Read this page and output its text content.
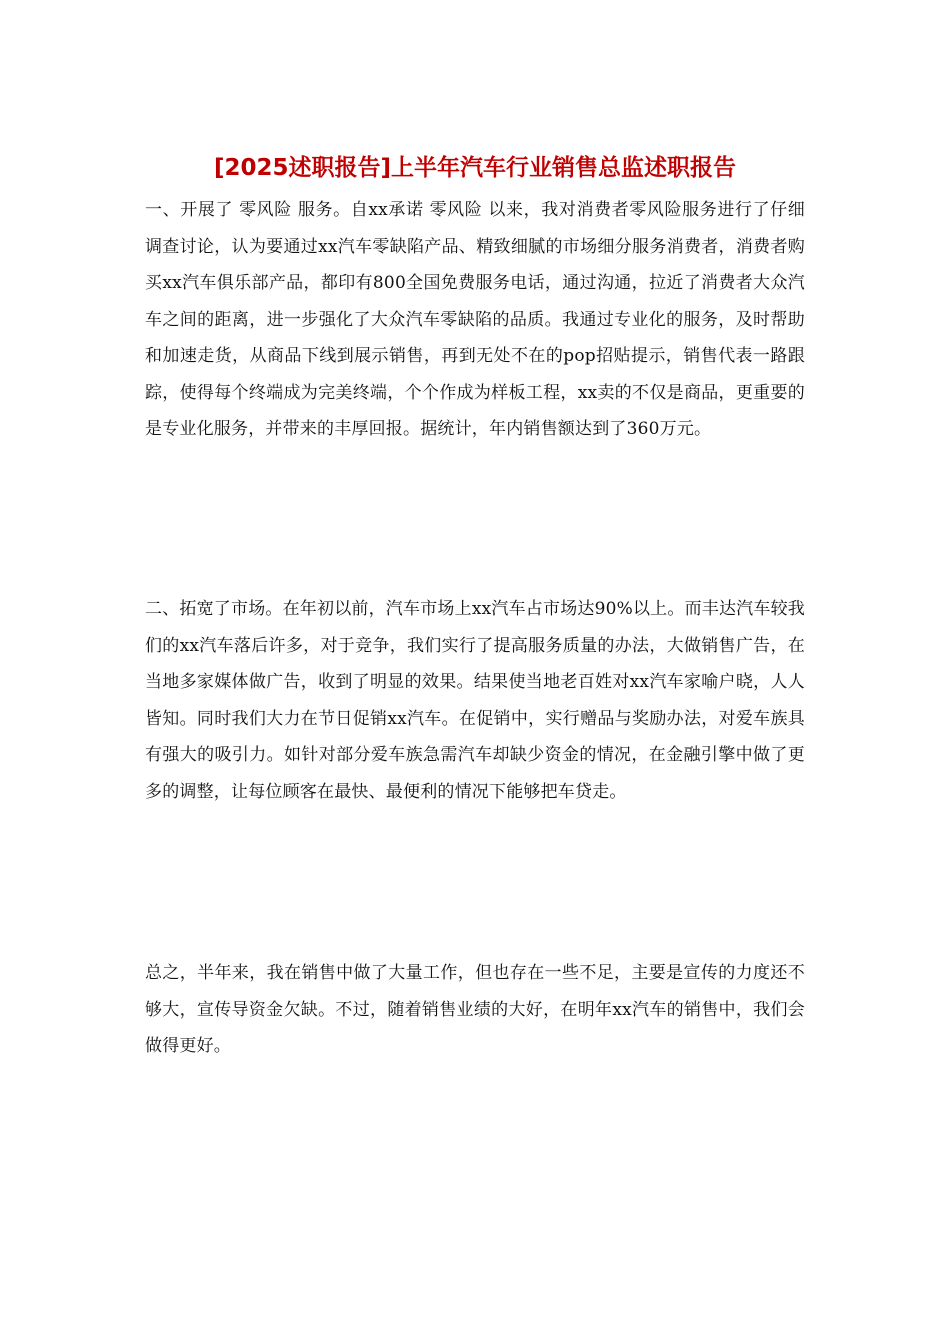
[2025述职报告]上半年汽车行业销售总监述职报告

一、开展了 零风险 服务。自xx承诺 零风险 以来，我对消费者零风险服务进行了仔细调查讨论，认为要通过xx汽车零缺陷产品、精致细腻的市场细分服务消费者，消费者购买xx汽车俱乐部产品，都印有800全国免费服务电话，通过沟通，拉近了消费者大众汽车之间的距离，进一步强化了大众汽车零缺陷的品质。我通过专业化的服务，及时帮助和加速走货，从商品下线到展示销售，再到无处不在的pop招贴提示，销售代表一路跟踪，使得每个终端成为完美终端，个个作成为样板工程，xx卖的不仅是商品，更重要的是专业化服务，并带来的丰厚回报。据统计，年内销售额达到了360万元。

二、拓宽了市场。在年初以前，汽车市场上xx汽车占市场达90%以上。而丰达汽车较我们的xx汽车落后许多，对于竞争，我们实行了提高服务质量的办法，大做销售广告，在当地多家媒体做广告，收到了明显的效果。结果使当地老百姓对xx汽车家喻户晓，人人皆知。同时我们大力在节日促销xx汽车。在促销中，实行赠品与奖励办法，对爱车族具有强大的吸引力。如针对部分爱车族急需汽车却缺少资金的情况，在金融引擎中做了更多的调整，让每位顾客在最快、最便利的情况下能够把车贷走。

总之，半年来，我在销售中做了大量工作，但也存在一些不足，主要是宣传的力度还不够大，宣传导资金欠缺。不过，随着销售业绩的大好，在明年xx汽车的销售中，我们会做得更好。
